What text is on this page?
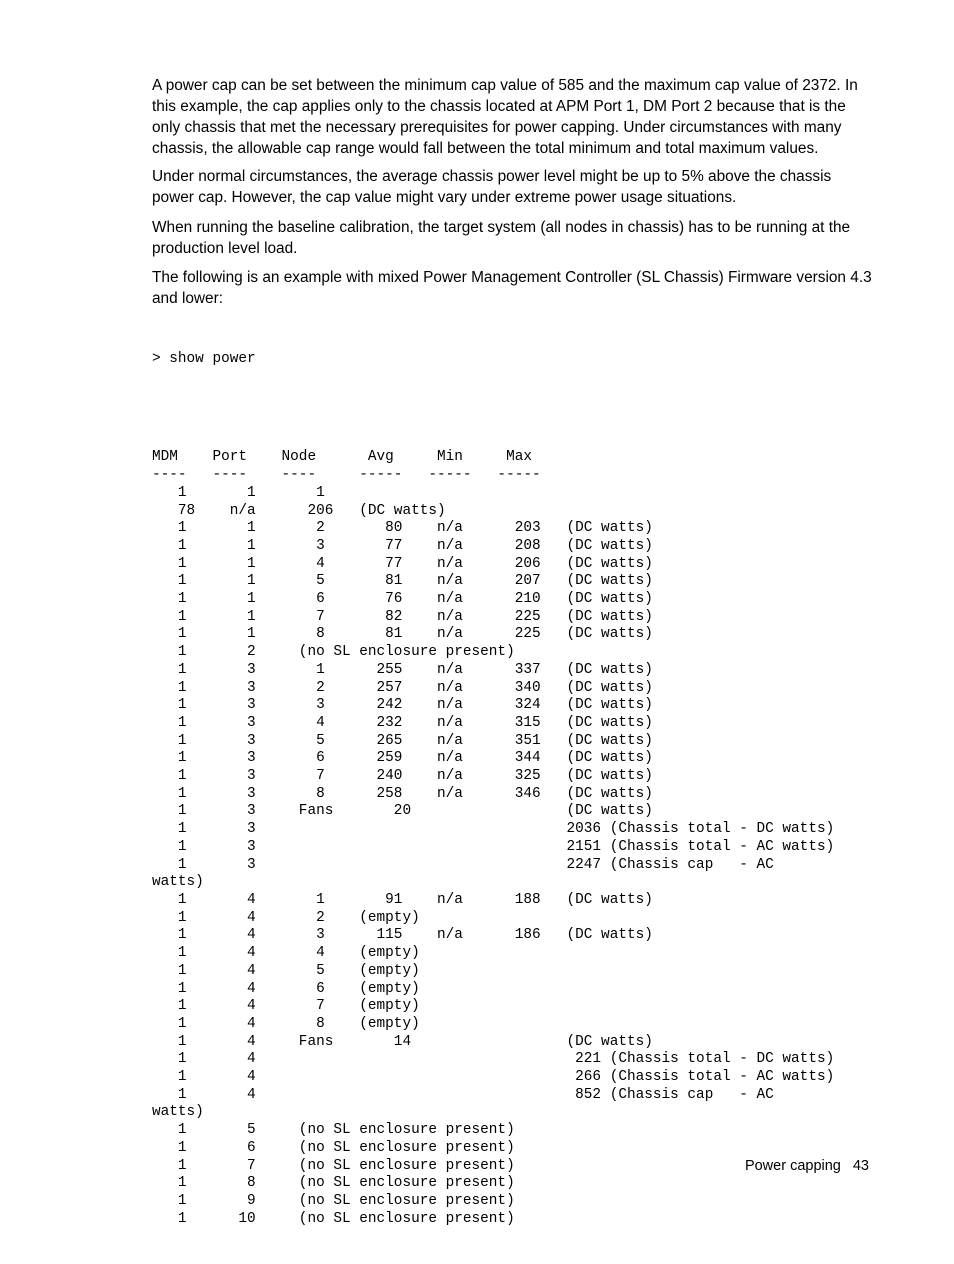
A power cap can be set between the minimum cap value of 585 and the maximum cap value of 2372. In this example, the cap applies only to the chassis located at APM Port 1, DM Port 2 because that is the only chassis that met the necessary prerequisites for power capping. Under circumstances with many chassis, the allowable cap range would fall between the total minimum and total maximum values.

Under normal circumstances, the average chassis power level might be up to 5% above the chassis power cap. However, the cap value might vary under extreme power usage situations.

When running the baseline calibration, the target system (all nodes in chassis) has to be running at the production level load.

The following is an example with mixed Power Management Controller (SL Chassis) Firmware version 4.3 and lower:

> show power

MDM    Port    Node      Avg     Min     Max
----   ----    ----     -----   -----   -----
1       1       1
78    n/a      206   (DC watts)
1       1       2       80    n/a      203   (DC watts)
1       1       3       77    n/a      208   (DC watts)
1       1       4       77    n/a      206   (DC watts)
1       1       5       81    n/a      207   (DC watts)
1       1       6       76    n/a      210   (DC watts)
1       1       7       82    n/a      225   (DC watts)
1       1       8       81    n/a      225   (DC watts)
1       2     (no SL enclosure present)
1       3       1      255    n/a      337   (DC watts)
1       3       2      257    n/a      340   (DC watts)
1       3       3      242    n/a      324   (DC watts)
1       3       4      232    n/a      315   (DC watts)
1       3       5      265    n/a      351   (DC watts)
1       3       6      259    n/a      344   (DC watts)
1       3       7      240    n/a      325   (DC watts)
1       3       8      258    n/a      346   (DC watts)
1       3     Fans       20                  (DC watts)
1       3                                    2036 (Chassis total - DC watts)
1       3                                    2151 (Chassis total - AC watts)
1       3                                    2247 (Chassis cap   - AC
watts)
1       4       1       91    n/a      188   (DC watts)
1       4       2    (empty)
1       4       3      115    n/a      186   (DC watts)
1       4       4    (empty)
1       4       5    (empty)
1       4       6    (empty)
1       4       7    (empty)
1       4       8    (empty)
1       4     Fans       14                  (DC watts)
1       4                                     221 (Chassis total - DC watts)
1       4                                     266 (Chassis total - AC watts)
1       4                                     852 (Chassis cap   - AC
watts)
1       5     (no SL enclosure present)
1       6     (no SL enclosure present)
1       7     (no SL enclosure present)
1       8     (no SL enclosure present)
1       9     (no SL enclosure present)
1      10     (no SL enclosure present)

Power capping 43
